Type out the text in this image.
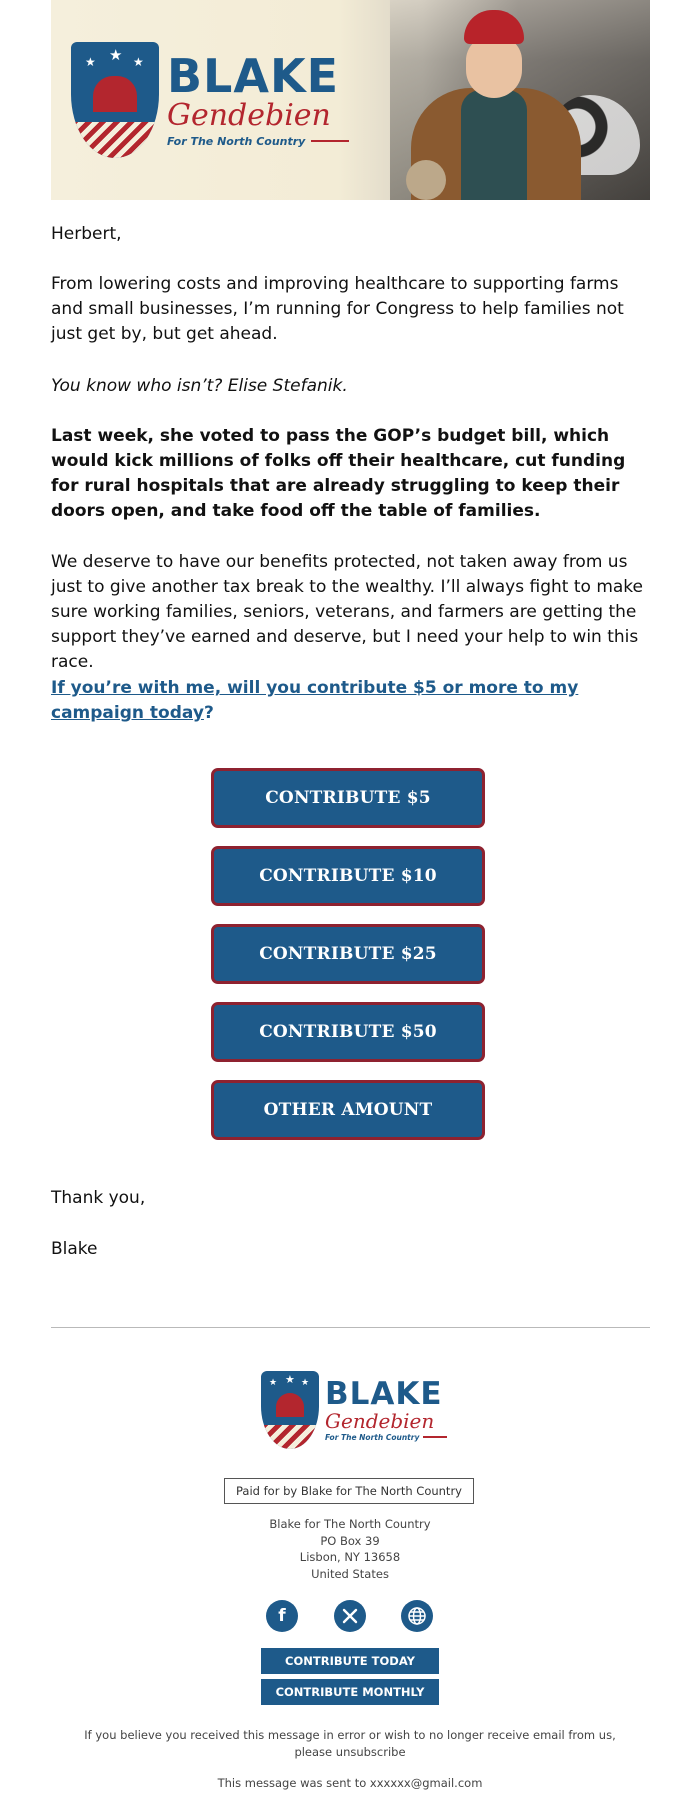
★ ★ ★ BLAKE
Gendebien
For The North Country
Herbert,
From lowering costs and improving healthcare to supporting farms and small businesses, I’m running for Congress to help families not just get by, but get ahead.
You know who isn’t? Elise Stefanik.
Last week, she voted to pass the GOP’s budget bill, which would kick millions of folks off their healthcare, cut funding for rural hospitals that are already struggling to keep their doors open, and take food off the table of families.
We deserve to have our benefits protected, not taken away from us just to give another tax break to the wealthy. I’ll always fight to make sure working families, seniors, veterans, and farmers are getting the support they’ve earned and deserve, but I need your help to win this race.
If you’re with me, will you contribute $5 or more to my campaign today?
CONTRIBUTE $5
CONTRIBUTE $10
CONTRIBUTE $25
CONTRIBUTE $50
OTHER AMOUNT
Thank you,
Blake
★ ★ ★ BLAKE
Gendebien
For The North Country
Paid for by Blake for The North Country
Blake for The North Country
PO Box 39
Lisbon, NY 13658
United States
f
CONTRIBUTE TODAY
CONTRIBUTE MONTHLY
If you believe you received this message in error or wish to no longer receive email from us, please unsubscribe
This message was sent to xxxxxx@gmail.com
